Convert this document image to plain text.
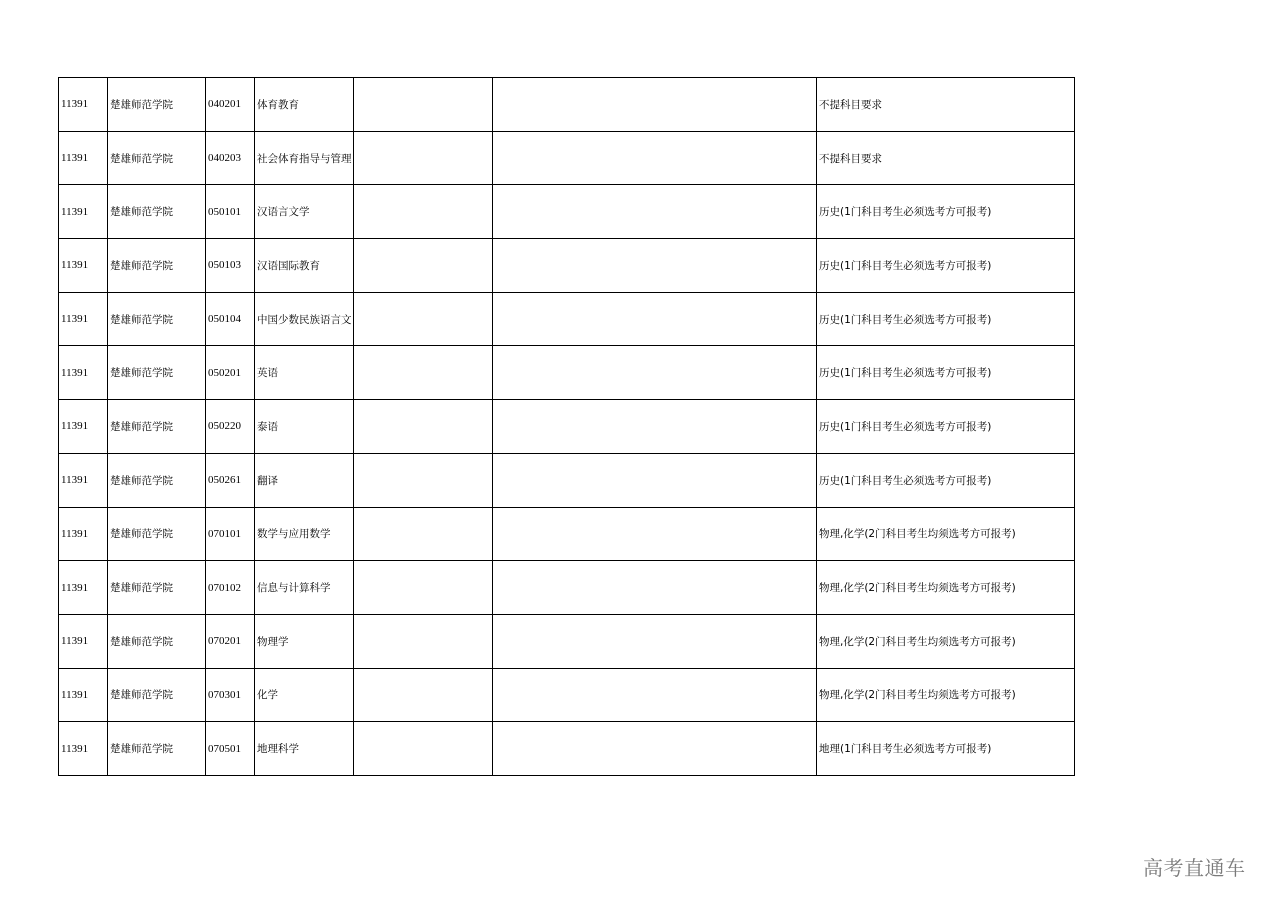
11391	楚雄师范学院	040201	体育教育			不提科目要求
11391	楚雄师范学院	040203	社会体育指导与管理			不提科目要求
11391	楚雄师范学院	050101	汉语言文学			历史(1门科目考生必须选考方可报考)
11391	楚雄师范学院	050103	汉语国际教育			历史(1门科目考生必须选考方可报考)
11391	楚雄师范学院	050104	中国少数民族语言文			历史(1门科目考生必须选考方可报考)
11391	楚雄师范学院	050201	英语			历史(1门科目考生必须选考方可报考)
11391	楚雄师范学院	050220	泰语			历史(1门科目考生必须选考方可报考)
11391	楚雄师范学院	050261	翻译			历史(1门科目考生必须选考方可报考)
11391	楚雄师范学院	070101	数学与应用数学			物理,化学(2门科目考生均须选考方可报考)
11391	楚雄师范学院	070102	信息与计算科学			物理,化学(2门科目考生均须选考方可报考)
11391	楚雄师范学院	070201	物理学			物理,化学(2门科目考生均须选考方可报考)
11391	楚雄师范学院	070301	化学			物理,化学(2门科目考生均须选考方可报考)
11391	楚雄师范学院	070501	地理科学			地理(1门科目考生必须选考方可报考)
高考直通车
